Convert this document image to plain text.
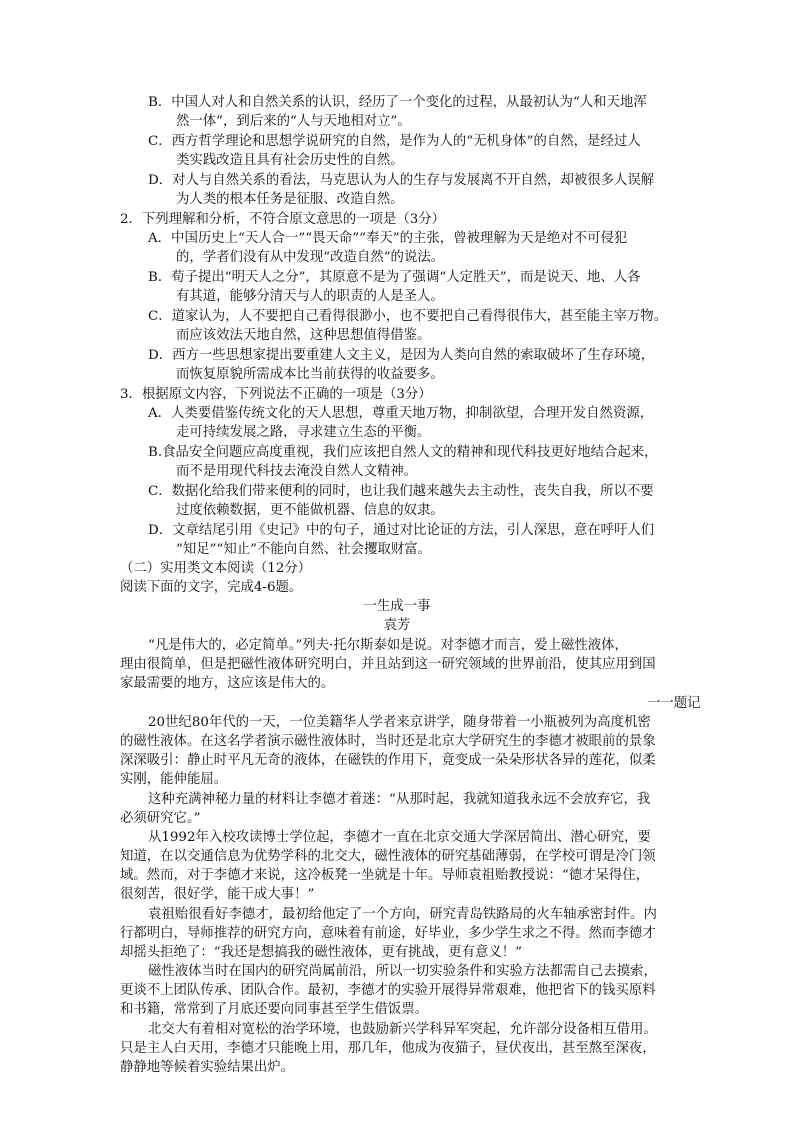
B．中国人对人和自然关系的认识，经历了一个变化的过程，从最初认为“人和天地浑
然一体”，到后来的“人与天地相对立”。
C．西方哲学理论和思想学说研究的自然，是作为人的“无机身体”的自然，是经过人
类实践改造且具有社会历史性的自然。
D．对人与自然关系的看法，马克思认为人的生存与发展离不开自然，却被很多人误解
为人类的根本任务是征服、改造自然。
2．下列理解和分析，不符合原文意思的一项是（3分）
A．中国历史上“天人合一”“畏天命”“奉天”的主张，曾被理解为天是绝对不可侵犯
的，学者们没有从中发现“改造自然”的说法。
B．荀子提出“明天人之分”，其原意不是为了强调“人定胜天”，而是说天、地、人各
有其道，能够分清天与人的职责的人是圣人。
C．道家认为，人不要把自己看得很渺小，也不要把自己看得很伟大，甚至能主宰万物。
而应该效法天地自然，这种思想值得借鉴。
D．西方一些思想家提出要重建人文主义，是因为人类向自然的索取破坏了生存环境，
而恢复原貌所需成本比当前获得的收益要多。
3．根据原文内容，下列说法不正确的一项是（3分）
A．人类要借鉴传统文化的天人思想，尊重天地万物，抑制欲望，合理开发自然资源，
走可持续发展之路，寻求建立生态的平衡。
B.食品安全问题应高度重视，我们应该把自然人文的精神和现代科技更好地结合起来，
而不是用现代科技去淹没自然人文精神。
C．数据化给我们带来便利的同时，也让我们越来越失去主动性，丧失自我，所以不要
过度依赖数据，更不能做机器、信息的奴隶。
D．文章结尾引用《史记》中的句子，通过对比论证的方法，引人深思，意在呼吁人们
“知足”“知止”不能向自然、社会攫取财富。
（二）实用类文本阅读（12分）
阅读下面的文字，完成4-6题。
“凡是伟大的，必定简单。”列夫·托尔斯泰如是说。对李德才而言，爱上磁性液体，
理由很简单，但是把磁性液体研究明白，并且站到这一研究领域的世界前沿，使其应用到国
家最需要的地方，这应该是伟大的。
一一题记
20世纪80年代的一天，一位美籍华人学者来京讲学，随身带着一小瓶被列为高度机密
的磁性液体。在这名学者演示磁性液体时，当时还是北京大学研究生的李德才被眼前的景象
深深吸引：静止时平凡无奇的液体，在磁铁的作用下，竟变成一朵朵形状各异的莲花，似柔
实刚，能伸能屈。
这种充满神秘力量的材料让李德才着迷：“从那时起，我就知道我永远不会放弃它，我
必须研究它。”
从1992年入校攻读博士学位起，李德才一直在北京交通大学深居简出、潜心研究，要
知道，在以交通信息为优势学科的北交大，磁性液体的研究基础薄弱，在学校可谓是冷门领
域。然而，对于李德才来说，这冷板凳一坐就是十年。导师袁祖贻教授说：“德才呆得住，
很刻苦，很好学，能干成大事！”
袁祖贻很看好李德才，最初给他定了一个方向，研究青岛铁路局的火车轴承密封件。内
行都明白，导师推荐的研究方向，意味着有前途，好毕业，多少学生求之不得。然而李德才
却摇头拒绝了：“我还是想搞我的磁性液体，更有挑战，更有意义！”
磁性液体当时在国内的研究尚属前沿，所以一切实验条件和实验方法都需自己去摸索，
更谈不上团队传承、团队合作。最初，李德才的实验开展得异常艰难，他把省下的钱买原料
和书籍，常常到了月底还要向同事甚至学生借饭票。
北交大有着相对宽松的治学环境，也鼓励新兴学科异军突起，允许部分设备相互借用。
只是主人白天用，李德才只能晚上用，那几年，他成为夜猫子，昼伏夜出，甚至熬至深夜，
静静地等候着实验结果出炉。
一生成一事
袁芳
